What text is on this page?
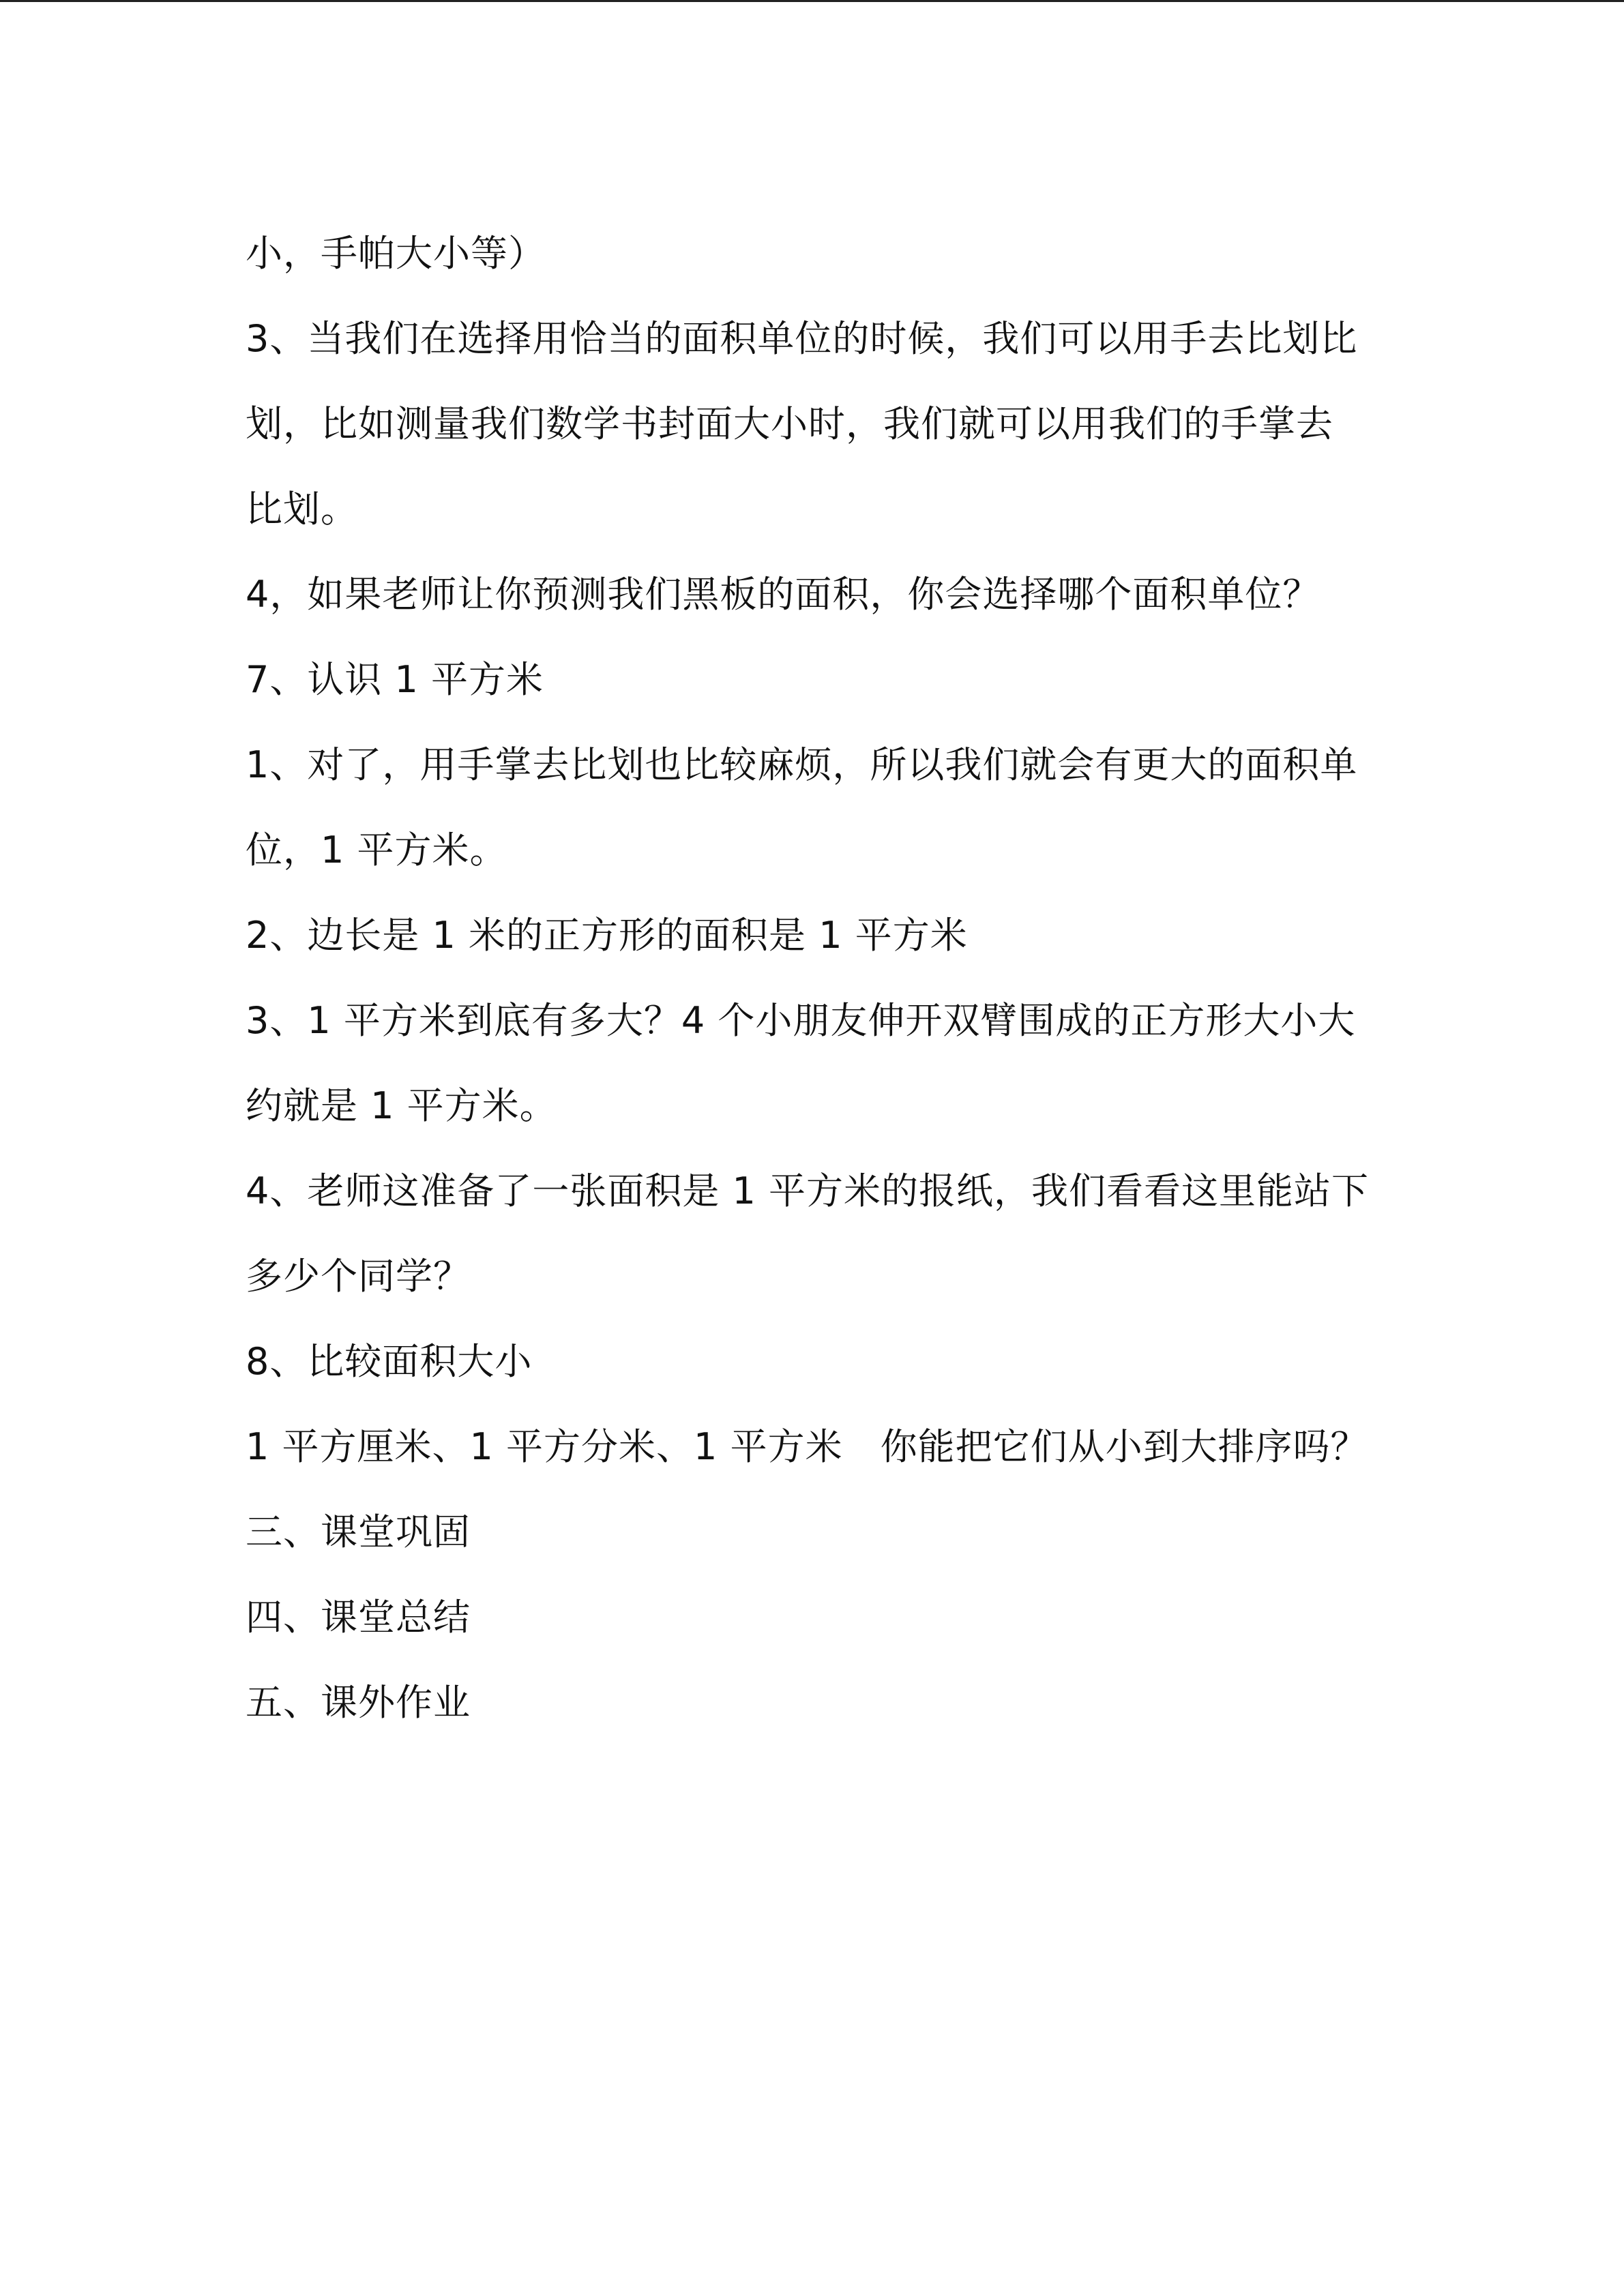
小，手帕大小等）
3、当我们在选择用恰当的面积单位的时候，我们可以用手去比划比
划，比如测量我们数学书封面大小时，我们就可以用我们的手掌去
比划。
4，如果老师让你预测我们黑板的面积，你会选择哪个面积单位？
7、认识 1 平方米
1、对了，用手掌去比划也比较麻烦，所以我们就会有更大的面积单
位，1 平方米。
2、边长是 1 米的正方形的面积是 1 平方米
3、1 平方米到底有多大？4 个小朋友伸开双臂围成的正方形大小大
约就是 1 平方米。
4、老师这准备了一张面积是 1 平方米的报纸，我们看看这里能站下
多少个同学？
8、比较面积大小
1 平方厘米、1 平方分米、1 平方米　你能把它们从小到大排序吗？
三、课堂巩固
四、课堂总结
五、课外作业
